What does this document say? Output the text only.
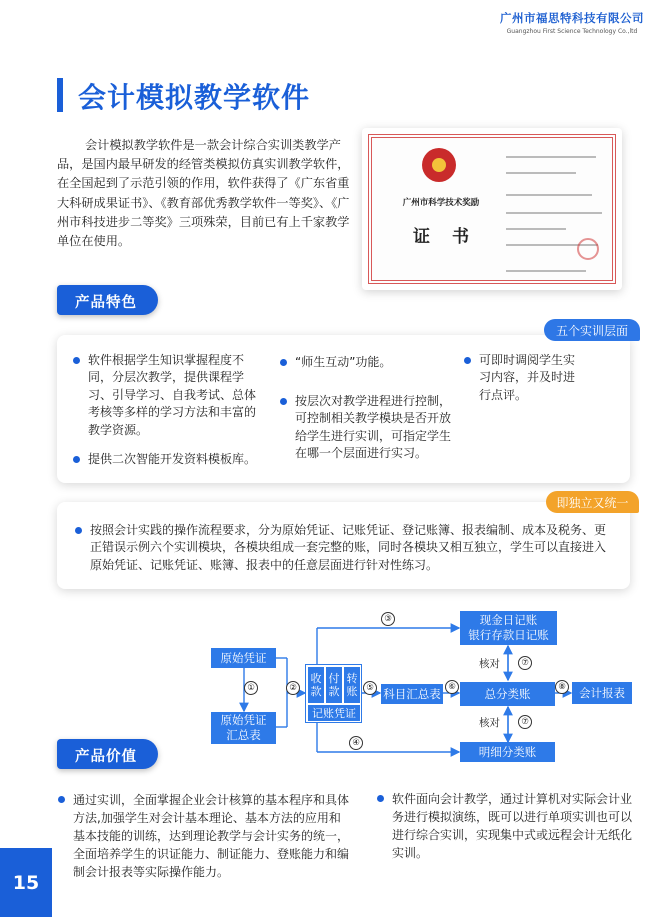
广州市福思特科技有限公司
Guangzhou First Science Technology Co.,ltd
会计模拟教学软件
会计模拟教学软件是一款会计综合实训类教学产品，是国内最早研发的经管类模拟仿真实训教学软件，在全国起到了示范引领的作用，软件获得了《广东省重大科研成果证书》、《教育部优秀教学软件一等奖》、《广州市科技进步二等奖》三项殊荣，目前已有上千家教学单位在使用。
广州市科学技术奖励
证书
产品特色
五个实训层面
软件根据学生知识掌握程度不同，分层次教学，提供课程学习、引导学习、自我考试、总体考核等多样的学习方法和丰富的教学资源。
提供二次智能开发资料模板库。
“师生互动”功能。
按层次对教学进程进行控制，可控制相关教学模块是否开放给学生进行实训，可指定学生在哪一个层面进行实习。
可即时调阅学生实习内容，并及时进行点评。
即独立又统一
按照会计实践的操作流程要求，分为原始凭证、记账凭证、登记账簿、报表编制、成本及税务、更正错误示例六个实训模块，各模块组成一套完整的账，同时各模块又相互独立，学生可以直接进入原始凭证、记账凭证、账簿、报表中的任意层面进行针对性练习。
原始凭证
原始凭证
汇总表
收款
付款
转账
记账凭证
科目汇总表
现金日记账
银行存款日记账
总分类账	会计报表
明细分类账
核对
核对
①	②
③
④
⑤	⑥
⑦
⑦
⑧
产品价值
通过实训，全面掌握企业会计核算的基本程序和具体方法,加强学生对会计基本理论、基本方法的应用和基本技能的训练，达到理论教学与会计实务的统一，全面培养学生的识证能力、制证能力、登账能力和编制会计报表等实际操作能力。
软件面向会计教学，通过计算机对实际会计业务进行模拟演练，既可以进行单项实训也可以进行综合实训，实现集中式或远程会计无纸化实训。
15
